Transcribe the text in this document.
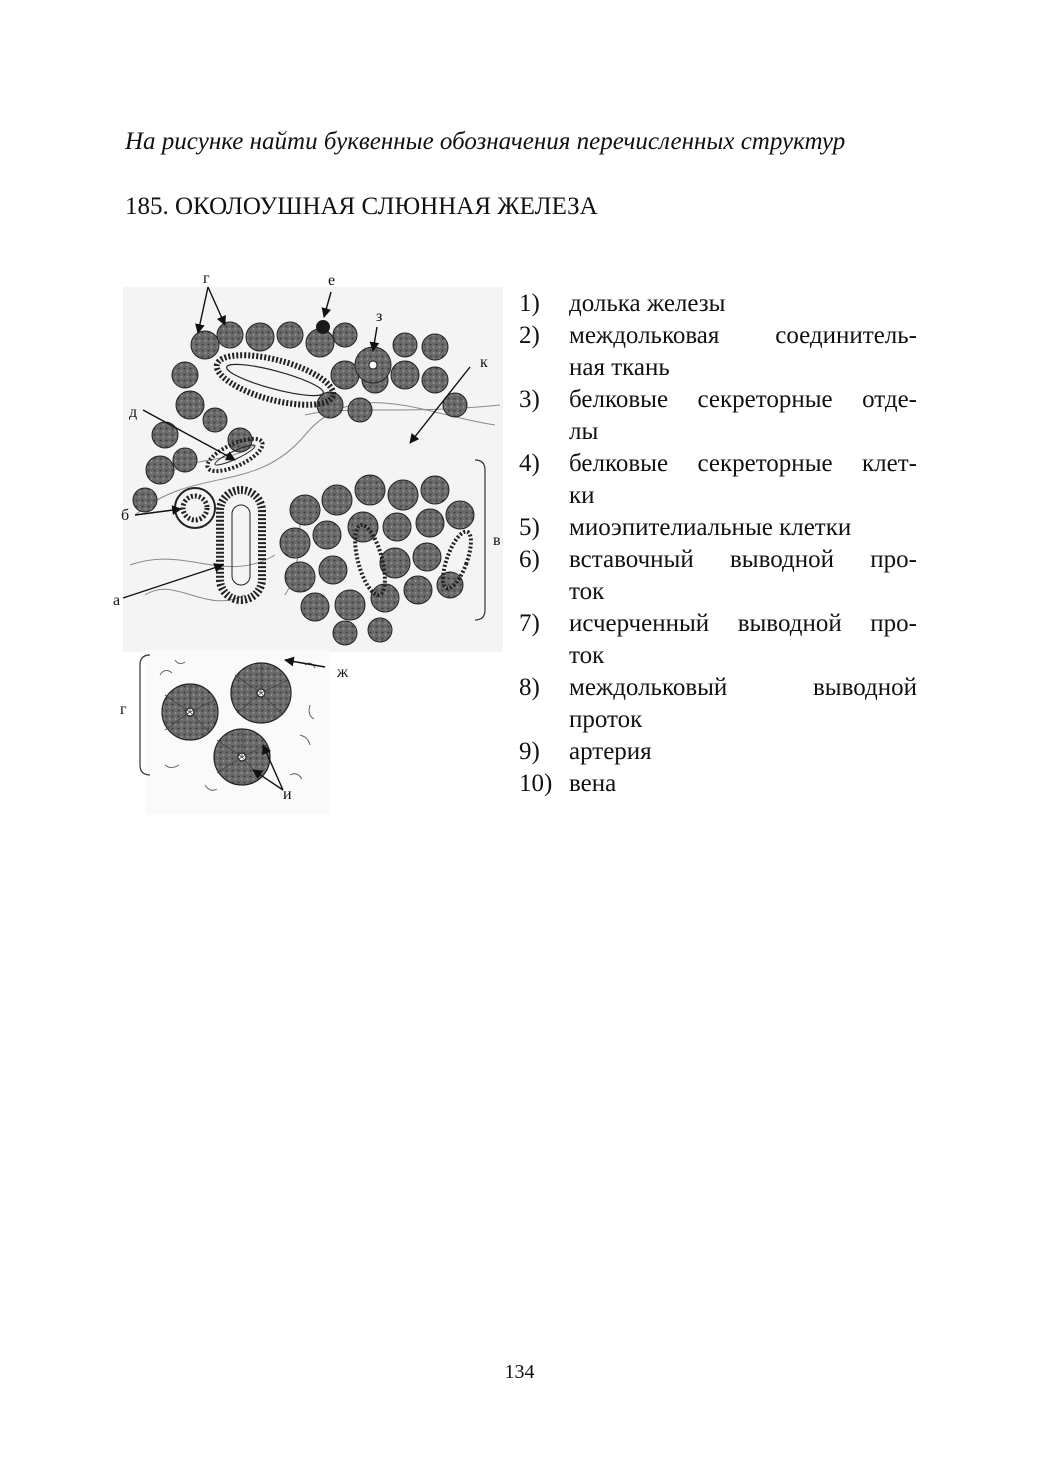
На рисунке найти буквенные обозначения перечисленных структур

185. ОКОЛОУШНАЯ СЛЮННАЯ ЖЕЛЕЗА
г	е
з
к
д
б
в
а
ж
г
и
1)	долька железы
2)	междольковая соединитель-
ная ткань
3)	белковые секреторные отде-
лы
4)	белковые секреторные клет-
ки
5)	миоэпителиальные клетки
6)	вставочный выводной про-
ток
7)	исчерченный выводной про-
ток
8)	междольковый выводной
проток
9)	артерия
10) вена
134
